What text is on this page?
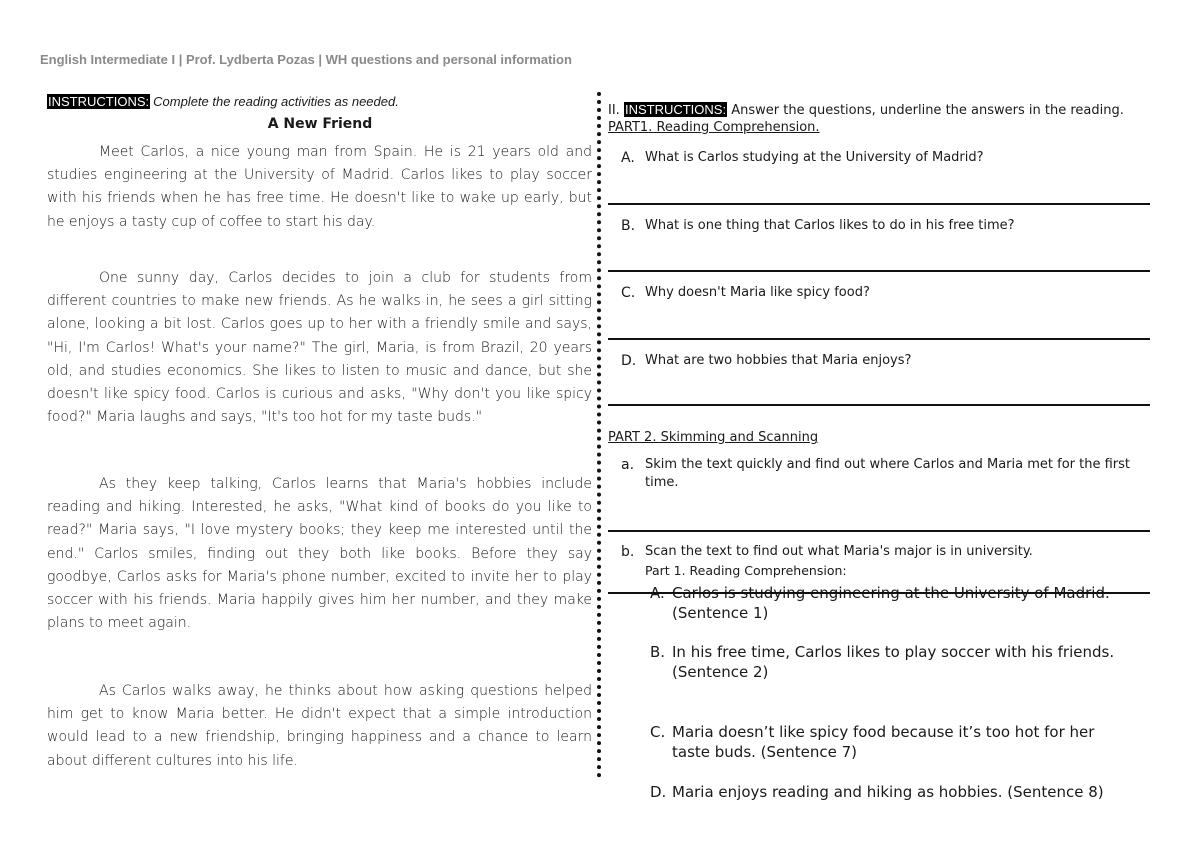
English Intermediate I | Prof. Lydberta Pozas | WH questions and personal information
INSTRUCTIONS: Complete the reading activities as needed.
A New Friend
Meet Carlos, a nice young man from Spain. He is 21 years old and studies engineering at the University of Madrid. Carlos likes to play soccer with his friends when he has free time. He doesn't like to wake up early, but he enjoys a tasty cup of coffee to start his day.
One sunny day, Carlos decides to join a club for students from different countries to make new friends. As he walks in, he sees a girl sitting alone, looking a bit lost. Carlos goes up to her with a friendly smile and says, "Hi, I'm Carlos! What's your name?" The girl, Maria, is from Brazil, 20 years old, and studies economics. She likes to listen to music and dance, but she doesn't like spicy food. Carlos is curious and asks, "Why don't you like spicy food?" Maria laughs and says, "It's too hot for my taste buds."
As they keep talking, Carlos learns that Maria's hobbies include reading and hiking. Interested, he asks, "What kind of books do you like to read?" Maria says, "I love mystery books; they keep me interested until the end." Carlos smiles, finding out they both like books. Before they say goodbye, Carlos asks for Maria's phone number, excited to invite her to play soccer with his friends. Maria happily gives him her number, and they make plans to meet again.
As Carlos walks away, he thinks about how asking questions helped him get to know Maria better. He didn't expect that a simple introduction would lead to a new friendship, bringing happiness and a chance to learn about different cultures into his life.
II. INSTRUCTIONS: Answer the questions, underline the answers in the reading. PART1. Reading Comprehension.
A. What is Carlos studying at the University of Madrid?
B. What is one thing that Carlos likes to do in his free time?
C. Why doesn't Maria like spicy food?
D. What are two hobbies that Maria enjoys?
PART 2. Skimming and Scanning
a. Skim the text quickly and find out where Carlos and Maria met for the first time.
b. Scan the text to find out what Maria's major is in university.
Part 1. Reading Comprehension:
A. Carlos is studying engineering at the University of Madrid. (Sentence 1)
B. In his free time, Carlos likes to play soccer with his friends. (Sentence 2)
C. Maria doesn’t like spicy food because it’s too hot for her taste buds. (Sentence 7)
D. Maria enjoys reading and hiking as hobbies. (Sentence 8)
